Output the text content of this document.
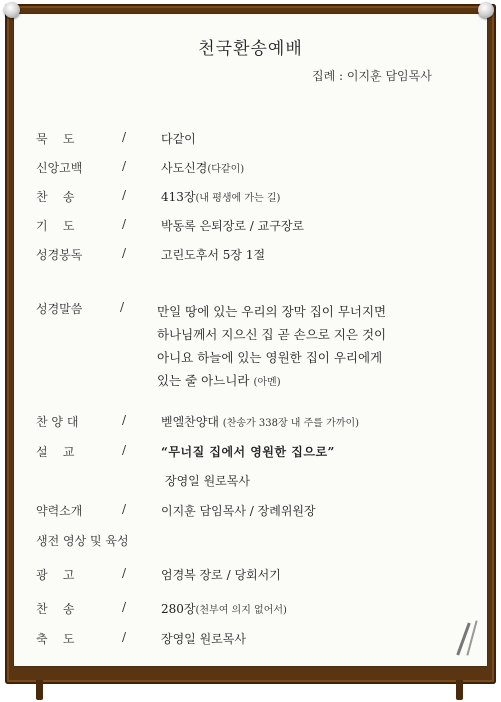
천국환송예배
집례 : 이지훈 담임목사
묵    도	/	다같이
신앙고백	/	사도신경(다같이)
찬    송	/	413장(내 평생에 가는 길)
기    도	/	박동록 은퇴장로 / 교구장로
성경봉독	/	고린도후서 5장 1절
성경말씀	/	만일 땅에 있는 우리의 장막 집이 무너지면
하나님께서 지으신 집 곧 손으로 지은 것이
아니요 하늘에 있는 영원한 집이 우리에게
있는 줄 아느니라 (아멘)
찬 양 대	/	벧엘찬양대 (찬송가 338장 내 주를 가까이)
설    교	/	“무너질 집에서 영원한 집으로”
장영일 원로목사
약력소개	/	이지훈 담임목사 / 장례위원장
생전 영상 및 육성
광    고	/	엄경복 장로 / 당회서기
찬    송	/	280장(천부여 의지 없어서)
축    도	/	장영일 원로목사
